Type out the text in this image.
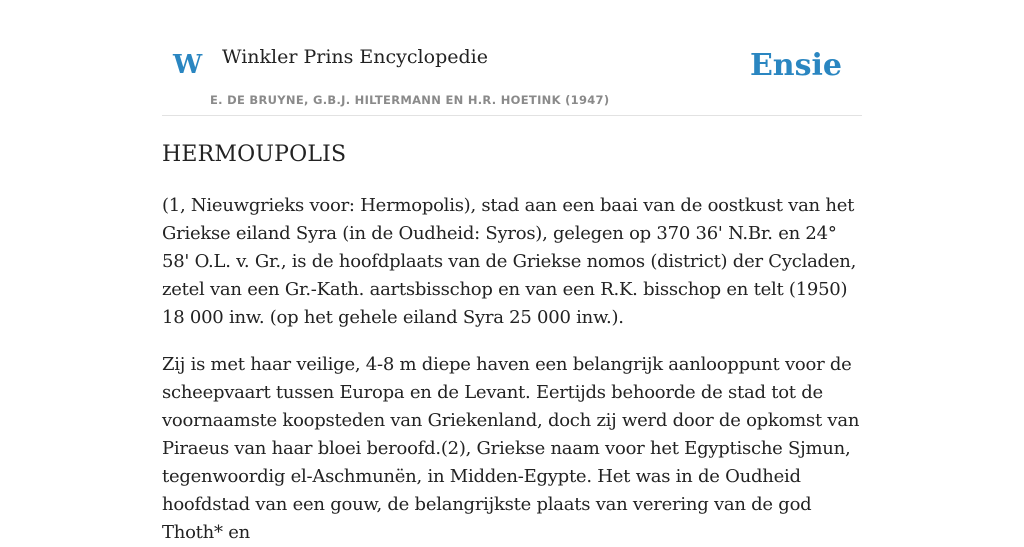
W Winkler Prins Encyclopedie
E. DE BRUYNE, G.B.J. HILTERMANN EN H.R. HOETINK (1947)
Ensie
HERMOUPOLIS

(1, Nieuwgrieks voor: Hermopolis), stad aan een baai van de oostkust van het Griekse eiland Syra (in de Oudheid: Syros), gelegen op 370 36' N.Br. en 24° 58' O.L. v. Gr., is de hoofdplaats van de Griekse nomos (district) der Cycladen, zetel van een Gr.-Kath. aartsbisschop en van een R.K. bisschop en telt (1950) 18 000 inw. (op het gehele eiland Syra 25 000 inw.).

Zij is met haar veilige, 4-8 m diepe haven een belangrijk aanlooppunt voor de scheepvaart tussen Europa en de Levant. Eertijds behoorde de stad tot de voornaamste koopsteden van Griekenland, doch zij werd door de opkomst van Piraeus van haar bloei beroofd.(2), Griekse naam voor het Egyptische Sjmun, tegenwoordig el-Aschmunën, in Midden-Egypte. Het was in de Oudheid hoofdstad van een gouw, de belangrijkste plaats van verering van de god Thoth* en
